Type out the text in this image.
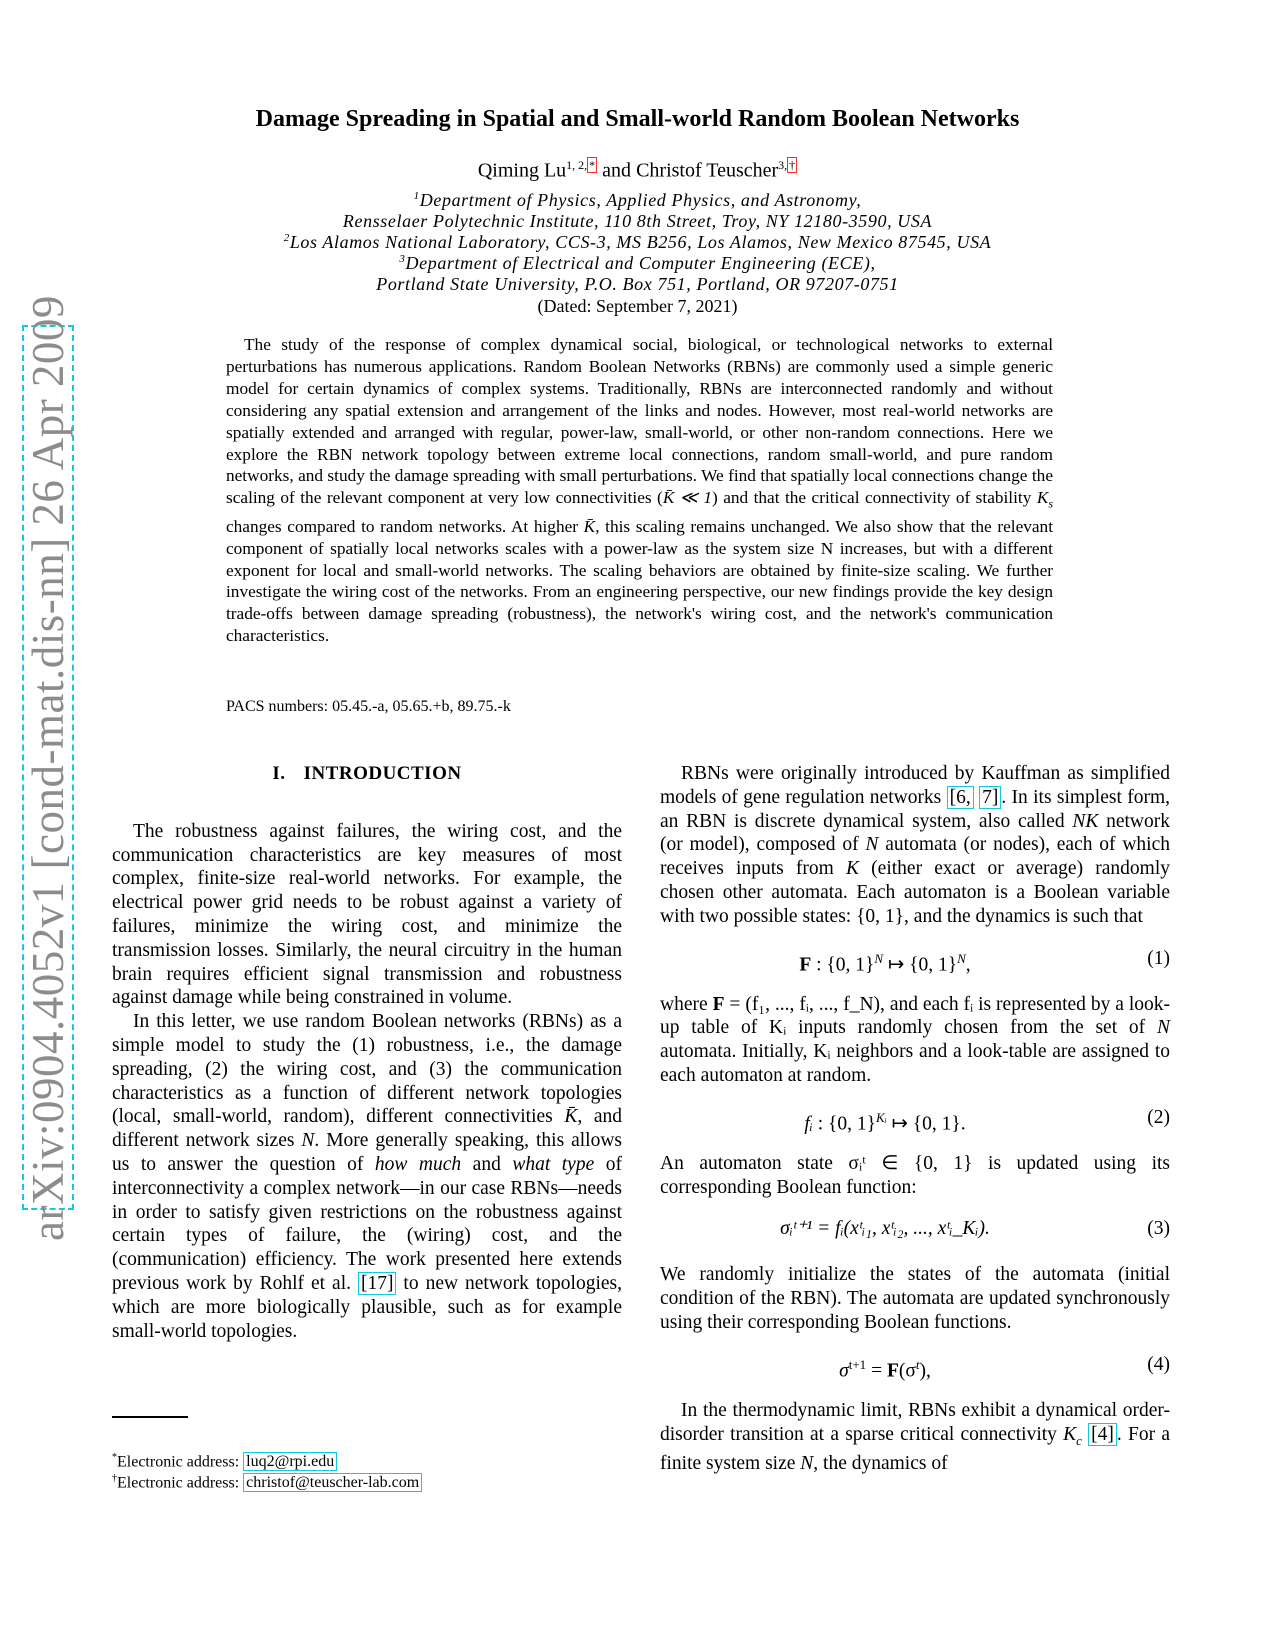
arXiv:0904.4052v1 [cond-mat.dis-nn] 26 Apr 2009
Damage Spreading in Spatial and Small-world Random Boolean Networks
Qiming $Lu^{1, 2,}$ * and Christof Teuscher$^{3,}$ †
$^1$Department of Physics, Applied Physics, and Astronomy,
Rensselaer Polytechnic Institute, 110 8th Street, Troy, NY 12180-3590, USA
$^2$Los Alamos National Laboratory, CCS-3, MS B256, Los Alamos, New Mexico 87545, USA
$^3$Department of Electrical and Computer Engineering (ECE),
Portland State University, P.O. Box 751, Portland, OR 97207-0751
(Dated: September 7, 2021)

The study of the response of complex dynamical social, biological, or technological networks to external perturbations has numerous applications. Random Boolean Networks (RBNs) are commonly used a simple generic model for certain dynamics of complex systems. Traditionally, RBNs are interconnected randomly and without considering any spatial extension and arrangement of the links and nodes. However, most real-world networks are spatially extended and arranged with regular, power-law, small-world, or other non-random connections. Here we explore the RBN network topology between extreme local connections, random small-world, and pure random networks, and study the damage spreading with small perturbations. We find that spatially local connections change the scaling of the relevant component at very low connectivities (K̄ ≪ 1) and that the critical connectivity of stability $K_s$ changes compared to random networks. At higher K̄, this scaling remains unchanged. We also show that the relevant component of spatially local networks scales with a power-law as the system size N increases, but with a different exponent for local and small-world networks. The scaling behaviors are obtained by finite-size scaling. We further investigate the wiring cost of the networks. From an engineering perspective, our new findings provide the key design trade-offs between damage spreading (robustness), the network's wiring cost, and the network's communication characteristics.

PACS numbers: 05.45.-a, 05.65.+b, 89.75.-k
I. INTRODUCTION

The robustness against failures, the wiring cost, and the communication characteristics are key measures of most complex, finite-size real-world networks. For example, the electrical power grid needs to be robust against a variety of failures, minimize the wiring cost, and minimize the transmission losses. Similarly, the neural circuitry in the human brain requires efficient signal transmission and robustness against damage while being constrained in volume.

In this letter, we use random Boolean networks (RBNs) as a simple model to study the (1) robustness, i.e., the damage spreading, (2) the wiring cost, and (3) the communication characteristics as a function of different network topologies (local, small-world, random), different connectivities K̄, and different network sizes N. More generally speaking, this allows us to answer the question of how much and what type of interconnectivity a complex network—in our case RBNs—needs in order to satisfy given restrictions on the robustness against certain types of failure, the (wiring) cost, and the (communication) efficiency. The work presented here extends previous work by Rohlf et al. [17] to new network topologies, which are more biologically plausible, such as for example small-world topologies.

RBNs were originally introduced by Kauffman as simplified models of gene regulation networks [6, 7] . In its simplest form, an RBN is discrete dynamical system, also called NK network (or model), composed of N automata (or nodes), each of which receives inputs from K (either exact or average) randomly chosen other automata. Each automaton is a Boolean variable with two possible states: {0, 1}, and the dynamics is such that

F : {0, 1}$^N$ ↦ {0, 1}$^N$,	(1)

where F = (f₁, ..., fᵢ, ..., f_N), and each fᵢ is represented by a look-up table of Kᵢ inputs randomly chosen from the set of N automata. Initially, Kᵢ neighbors and a look-table are assigned to each automaton at random.

fᵢ : {0, 1}$^{Kᵢ}$ ↦ {0, 1}.	(2)

An automaton state σᵢᵗ ∈ {0, 1} is updated using its corresponding Boolean function:

σᵢᵗ⁺¹ = fᵢ(xᵗᵢ₁, xᵗᵢ₂, ..., xᵗᵢ_Kᵢ).	(3)

We randomly initialize the states of the automata (initial condition of the RBN). The automata are updated synchronously using their corresponding Boolean functions.

$\sigma^{t+1} = F(\sigma^t)$,	(4)

In the thermodynamic limit, RBNs exhibit a dynamical order-disorder transition at a sparse critical connectivity $K_c$ [4] . For a finite system size N, the dynamics of

*Electronic address: luq2@rpi.edu
†Electronic address: christof@teuscher-lab.com
